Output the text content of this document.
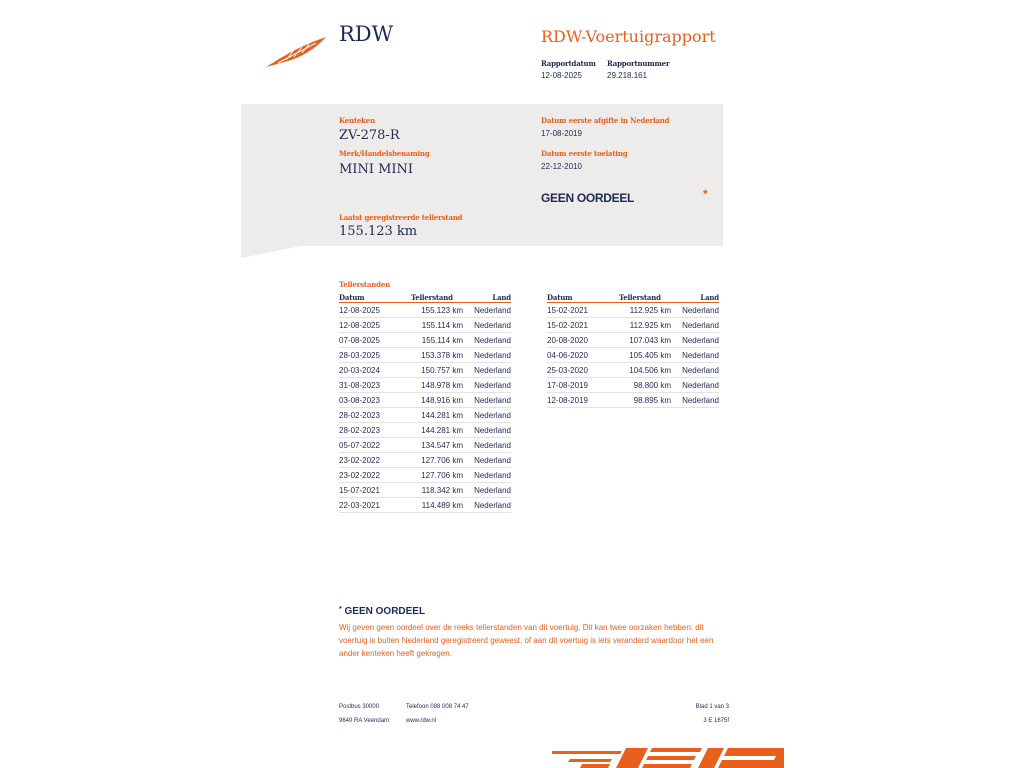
RDW	RDW-Voertuigrapport
Rapportdatum
12-08-2025
Rapportnummer
29.218.161
Kenteken
ZV-278-R
Merk/Handelsbenaming
MINI MINI
Laatst geregistreerde tellerstand
155.123 km
Datum eerste afgifte in Nederland
17-08-2019
Datum eerste toelating
22-12-2010
GEEN OORDEEL	*
Tellerstanden
Datum	Tellerstand	Land
12-08-2025	155.123 km	Nederland
12-08-2025	155.114 km	Nederland
07-08-2025	155.114 km	Nederland
28-03-2025	153.378 km	Nederland
20-03-2024	150.757 km	Nederland
31-08-2023	148.978 km	Nederland
03-08-2023	148.916 km	Nederland
28-02-2023	144.281 km	Nederland
28-02-2023	144.281 km	Nederland
05-07-2022	134.547 km	Nederland
23-02-2022	127.706 km	Nederland
23-02-2022	127.706 km	Nederland
15-07-2021	118.342 km	Nederland
22-03-2021	114.489 km	Nederland
Datum	Tellerstand	Land
15-02-2021	112.925 km	Nederland
15-02-2021	112.925 km	Nederland
20-08-2020	107.043 km	Nederland
04-06-2020	105.405 km	Nederland
25-03-2020	104.506 km	Nederland
17-08-2019	98.800 km	Nederland
12-08-2019	98.895 km	Nederland
* GEEN OORDEEL
Wij geven geen oordeel over de reeks tellerstanden van dit voertuig. Dit kan twee oorzaken hebben: dit voertuig is buiten Nederland geregistreerd geweest, of aan dit voertuig is iets veranderd waardoor het een ander kenteken heeft gekregen.
Postbus 30000
9640 RA Veendam
Telefoon 088 008 74 47
www.rdw.nl
Blad 1 van 3
3 E 1675f
